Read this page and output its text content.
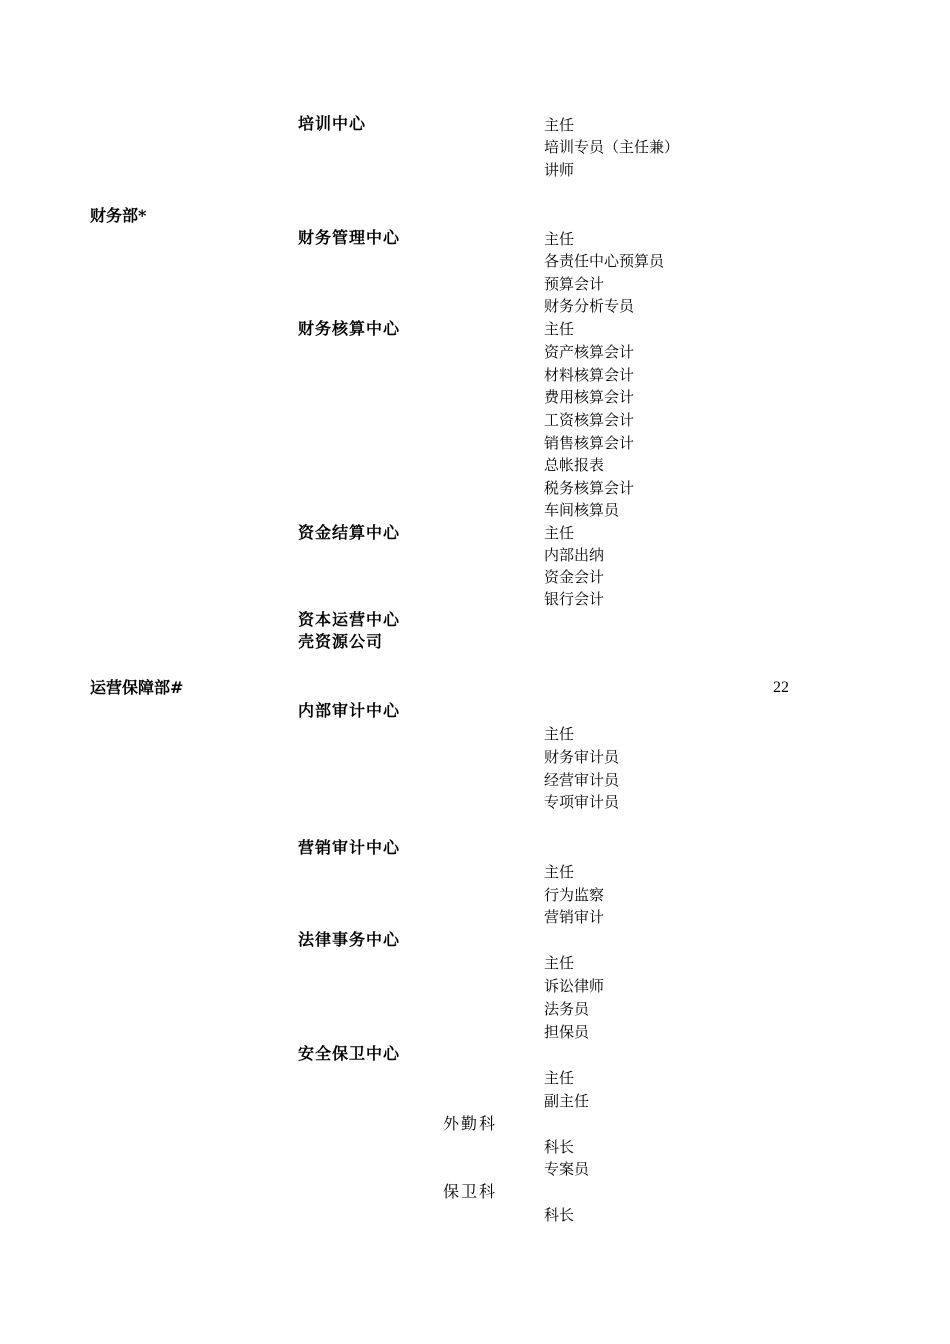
培训中心	主任
培训专员（主任兼）
讲师
财务部*
财务管理中心	主任
各责任中心预算员
预算会计
财务分析专员
财务核算中心	主任
资产核算会计
材料核算会计
费用核算会计
工资核算会计
销售核算会计
总帐报表
税务核算会计
车间核算员
资金结算中心	主任
内部出纳
资金会计
银行会计
资本运营中心
壳资源公司
运营保障部#	22
内部审计中心
主任
财务审计员
经营审计员
专项审计员
营销审计中心
主任
行为监察
营销审计
法律事务中心
主任
诉讼律师
法务员
担保员
安全保卫中心
主任
副主任
外勤科
科长
专案员
保卫科
科长
